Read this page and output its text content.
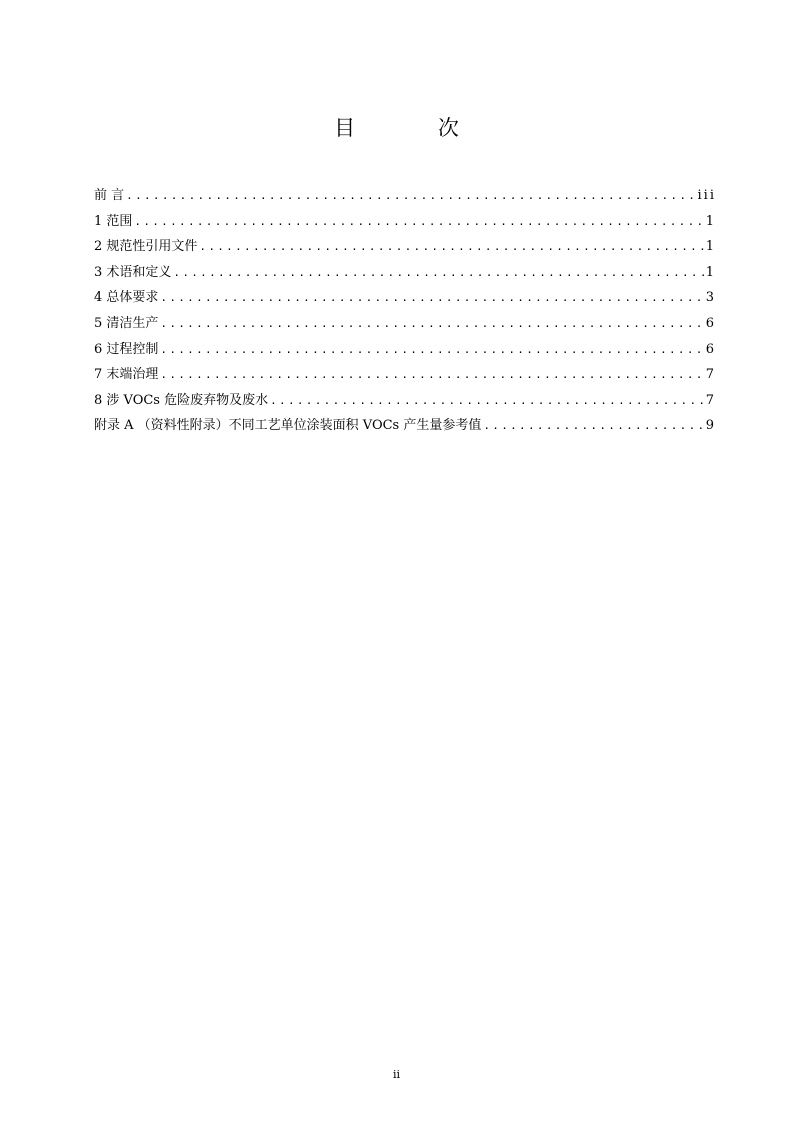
目 次
前 言 .....	iii
1 范围 .....	1
2 规范性引用文件 .....	1
3 术语和定义 .....	1
4 总体要求 .....	3
5 清洁生产 .....	6
6 过程控制 .....	6
7 末端治理 .....	7
8 涉 VOCs 危险废弃物及废水 .....	7
附录 A （资料性附录）不同工艺单位涂装面积 VOCs 产生量参考值 .....	9
ii
